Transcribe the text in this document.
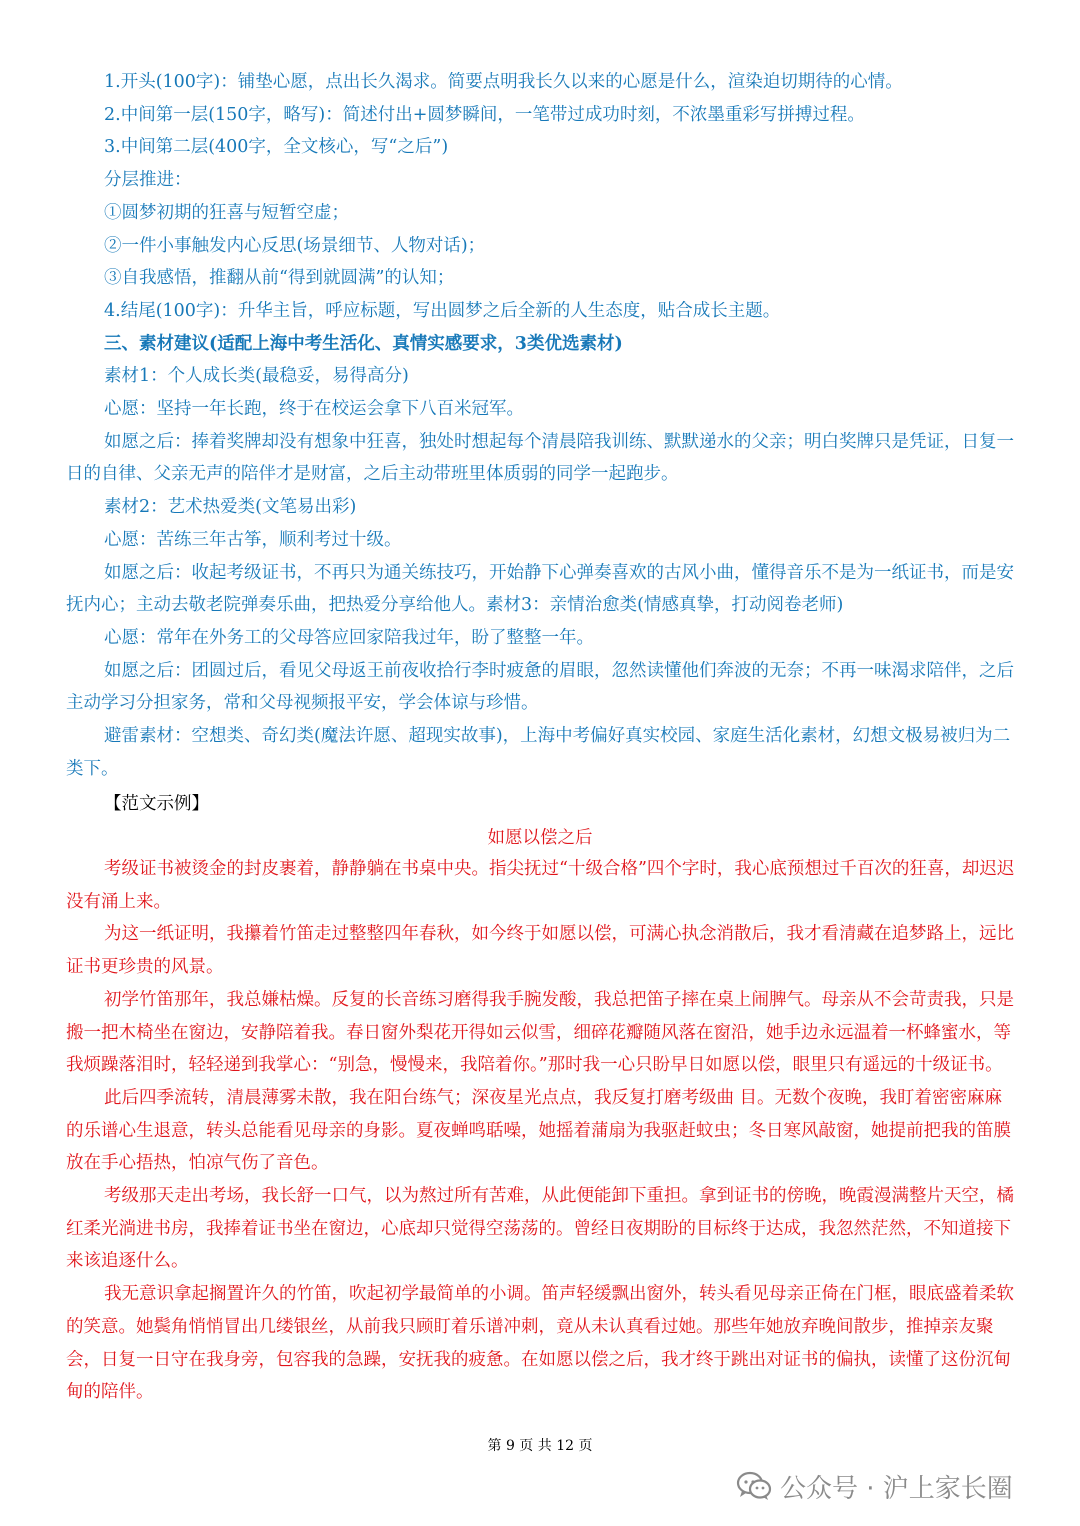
1.开头(100字)：铺垫心愿，点出长久渴求。简要点明我长久以来的心愿是什么，渲染迫切期待的心情。

2.中间第一层(150字，略写)：简述付出+圆梦瞬间，一笔带过成功时刻，不浓墨重彩写拼搏过程。

3.中间第二层(400字，全文核心，写“之后”)

分层推进：

①圆梦初期的狂喜与短暂空虚；

②一件小事触发内心反思(场景细节、人物对话)；

③自我感悟，推翻从前“得到就圆满”的认知；

4.结尾(100字)：升华主旨，呼应标题，写出圆梦之后全新的人生态度，贴合成长主题。

三、素材建议(适配上海中考生活化、真情实感要求，3类优选素材)

素材1：个人成长类(最稳妥，易得高分)

心愿：坚持一年长跑，终于在校运会拿下八百米冠军。

如愿之后：捧着奖牌却没有想象中狂喜，独处时想起每个清晨陪我训练、默默递水的父亲；明白奖牌只是凭证，日复一日的自律、父亲无声的陪伴才是财富，之后主动带班里体质弱的同学一起跑步。

素材2：艺术热爱类(文笔易出彩)

心愿：苦练三年古筝，顺利考过十级。

如愿之后：收起考级证书，不再只为通关练技巧，开始静下心弹奏喜欢的古风小曲，懂得音乐不是为一纸证书，而是安抚内心；主动去敬老院弹奏乐曲，把热爱分享给他人。素材3：亲情治愈类(情感真挚，打动阅卷老师)

心愿：常年在外务工的父母答应回家陪我过年，盼了整整一年。

如愿之后：团圆过后，看见父母返王前夜收拾行李时疲惫的眉眼，忽然读懂他们奔波的无奈；不再一味渴求陪伴，之后主动学习分担家务，常和父母视频报平安，学会体谅与珍惜。

避雷素材：空想类、奇幻类(魔法许愿、超现实故事)，上海中考偏好真实校园、家庭生活化素材，幻想文极易被归为二类下。

【范文示例】
如愿以偿之后

考级证书被烫金的封皮裹着，静静躺在书桌中央。指尖抚过“十级合格”四个字时，我心底预想过千百次的狂喜，却迟迟没有涌上来。

为这一纸证明，我攥着竹笛走过整整四年春秋，如今终于如愿以偿，可满心执念消散后，我才看清藏在追梦路上，远比证书更珍贵的风景。

初学竹笛那年，我总嫌枯燥。反复的长音练习磨得我手腕发酸，我总把笛子摔在桌上闹脾气。母亲从不会苛责我，只是搬一把木椅坐在窗边，安静陪着我。春日窗外梨花开得如云似雪，细碎花瓣随风落在窗沿，她手边永远温着一杯蜂蜜水，等我烦躁落泪时，轻轻递到我掌心：“别急，慢慢来，我陪着你。”那时我一心只盼早日如愿以偿，眼里只有遥远的十级证书。

此后四季流转，清晨薄雾未散，我在阳台练气；深夜星光点点，我反复打磨考级曲 目。无数个夜晚，我盯着密密麻麻的乐谱心生退意，转头总能看见母亲的身影。夏夜蝉鸣聒噪，她摇着蒲扇为我驱赶蚊虫；冬日寒风敲窗，她提前把我的笛膜放在手心捂热，怕凉气伤了音色。

考级那天走出考场，我长舒一口气，以为熬过所有苦难，从此便能卸下重担。拿到证书的傍晚，晚霞漫满整片天空，橘红柔光淌进书房，我捧着证书坐在窗边，心底却只觉得空荡荡的。曾经日夜期盼的目标终于达成，我忽然茫然，不知道接下来该追逐什么。

我无意识拿起搁置许久的竹笛，吹起初学最简单的小调。笛声轻缓飘出窗外，转头看见母亲正倚在门框，眼底盛着柔软的笑意。她鬓角悄悄冒出几缕银丝，从前我只顾盯着乐谱冲刺，竟从未认真看过她。那些年她放弃晚间散步，推掉亲友聚会，日复一日守在我身旁，包容我的急躁，安抚我的疲惫。在如愿以偿之后，我才终于跳出对证书的偏执，读懂了这份沉甸甸的陪伴。

第 9 页 共 12 页
公众号 · 沪上家长圈
